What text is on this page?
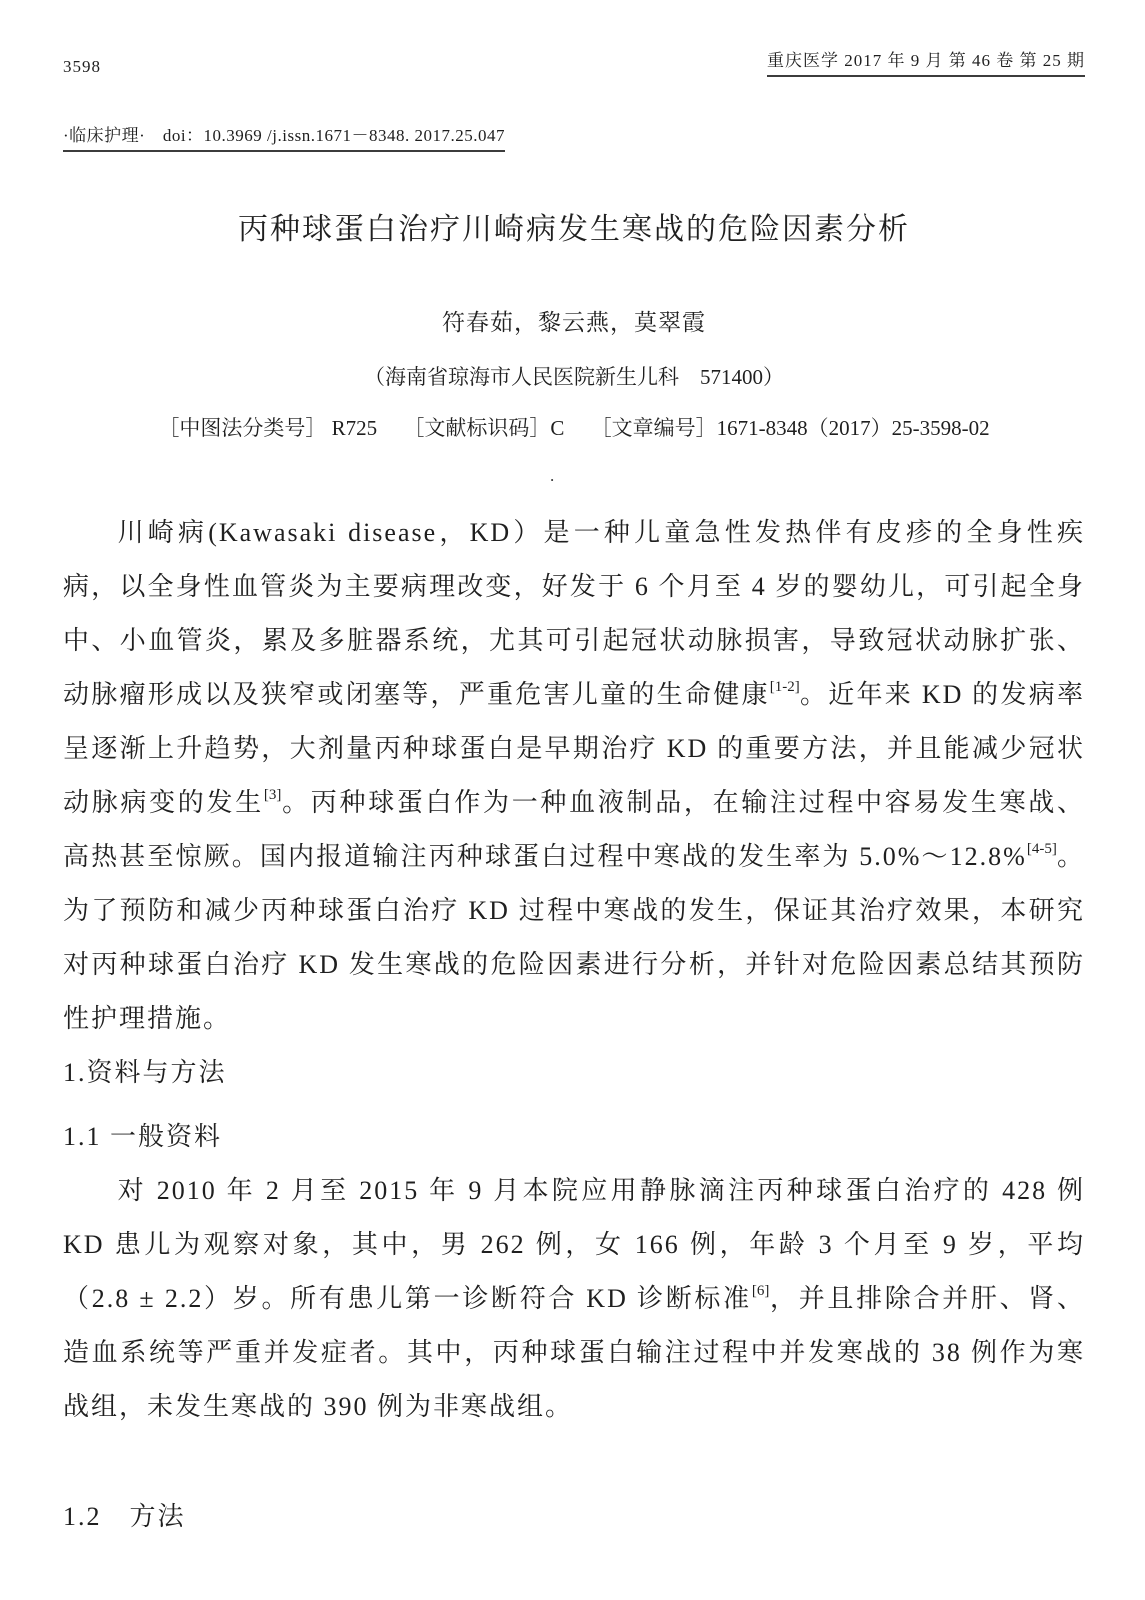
3598	重庆医学 2017 年 9 月 第 46 卷 第 25 期
·临床护理·　doi：10.3969 /j.issn.1671－8348. 2017.25.047
丙种球蛋白治疗川崎病发生寒战的危险因素分析
符春茹，黎云燕，莫翠霞
（海南省琼海市人民医院新生儿科　571400）
［中图法分类号］ R725　 ［文献标识码］C　 ［文章编号］1671-8348（2017）25-3598-02
.

川崎病(Kawasaki disease，KD）是一种儿童急性发热伴有皮疹的全身性疾病，以全身性血管炎为主要病理改变，好发于 6 个月至 4 岁的婴幼儿，可引起全身中、小血管炎，累及多脏器系统，尤其可引起冠状动脉损害，导致冠状动脉扩张、动脉瘤形成以及狭窄或闭塞等，严重危害儿童的生命健康[1-2]。近年来 KD 的发病率呈逐渐上升趋势，大剂量丙种球蛋白是早期治疗 KD 的重要方法，并且能减少冠状动脉病变的发生[3]。丙种球蛋白作为一种血液制品，在输注过程中容易发生寒战、高热甚至惊厥。国内报道输注丙种球蛋白过程中寒战的发生率为 5.0%～12.8%[4-5]。为了预防和减少丙种球蛋白治疗 KD 过程中寒战的发生，保证其治疗效果，本研究对丙种球蛋白治疗 KD 发生寒战的危险因素进行分析，并针对危险因素总结其预防性护理措施。

1.资料与方法
1.1 一般资料

对 2010 年 2 月至 2015 年 9 月本院应用静脉滴注丙种球蛋白治疗的 428 例 KD 患儿为观察对象，其中，男 262 例，女 166 例，年龄 3 个月至 9 岁，平均（2.8 ± 2.2）岁。所有患儿第一诊断符合 KD 诊断标准[6]，并且排除合并肝、肾、造血系统等严重并发症者。其中，丙种球蛋白输注过程中并发寒战的 38 例作为寒战组，未发生寒战的 390 例为非寒战组。

1.2　方法
